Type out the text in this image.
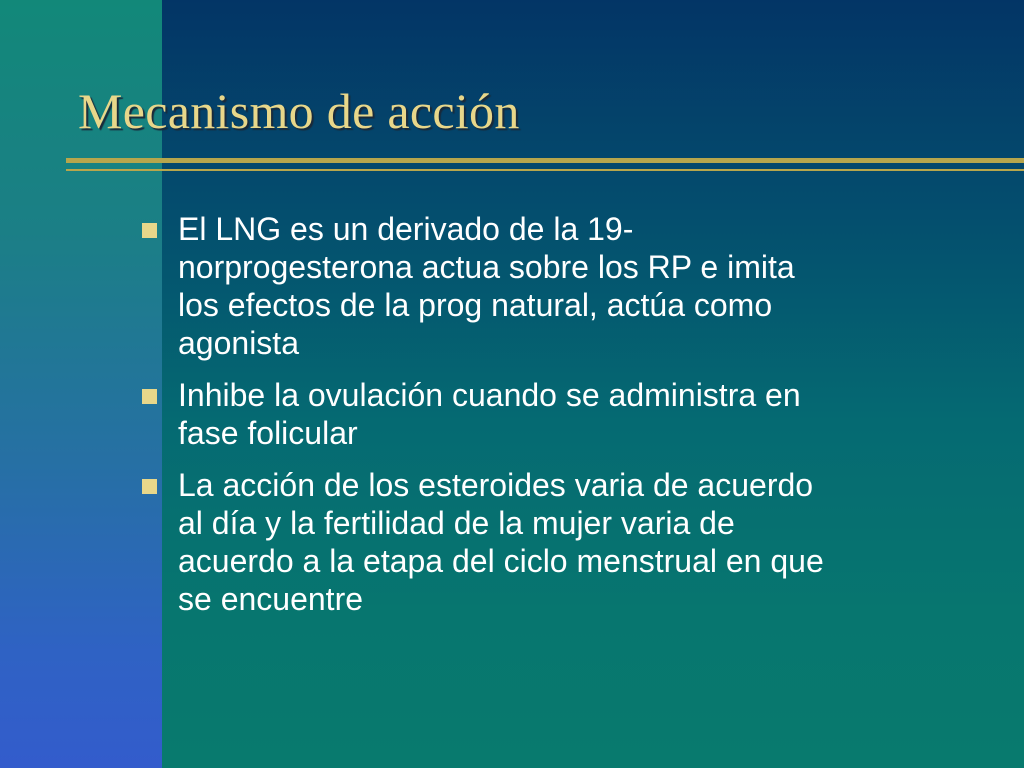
Mecanismo de acción
El LNG es un derivado de la 19-
norprogesterona actua sobre los RP e imita
los efectos de la prog natural, actúa como
agonista
Inhibe la ovulación cuando se administra en
fase folicular
La acción de los esteroides varia de acuerdo
al día y la fertilidad de la mujer varia de
acuerdo a la etapa del ciclo menstrual en que
se encuentre
